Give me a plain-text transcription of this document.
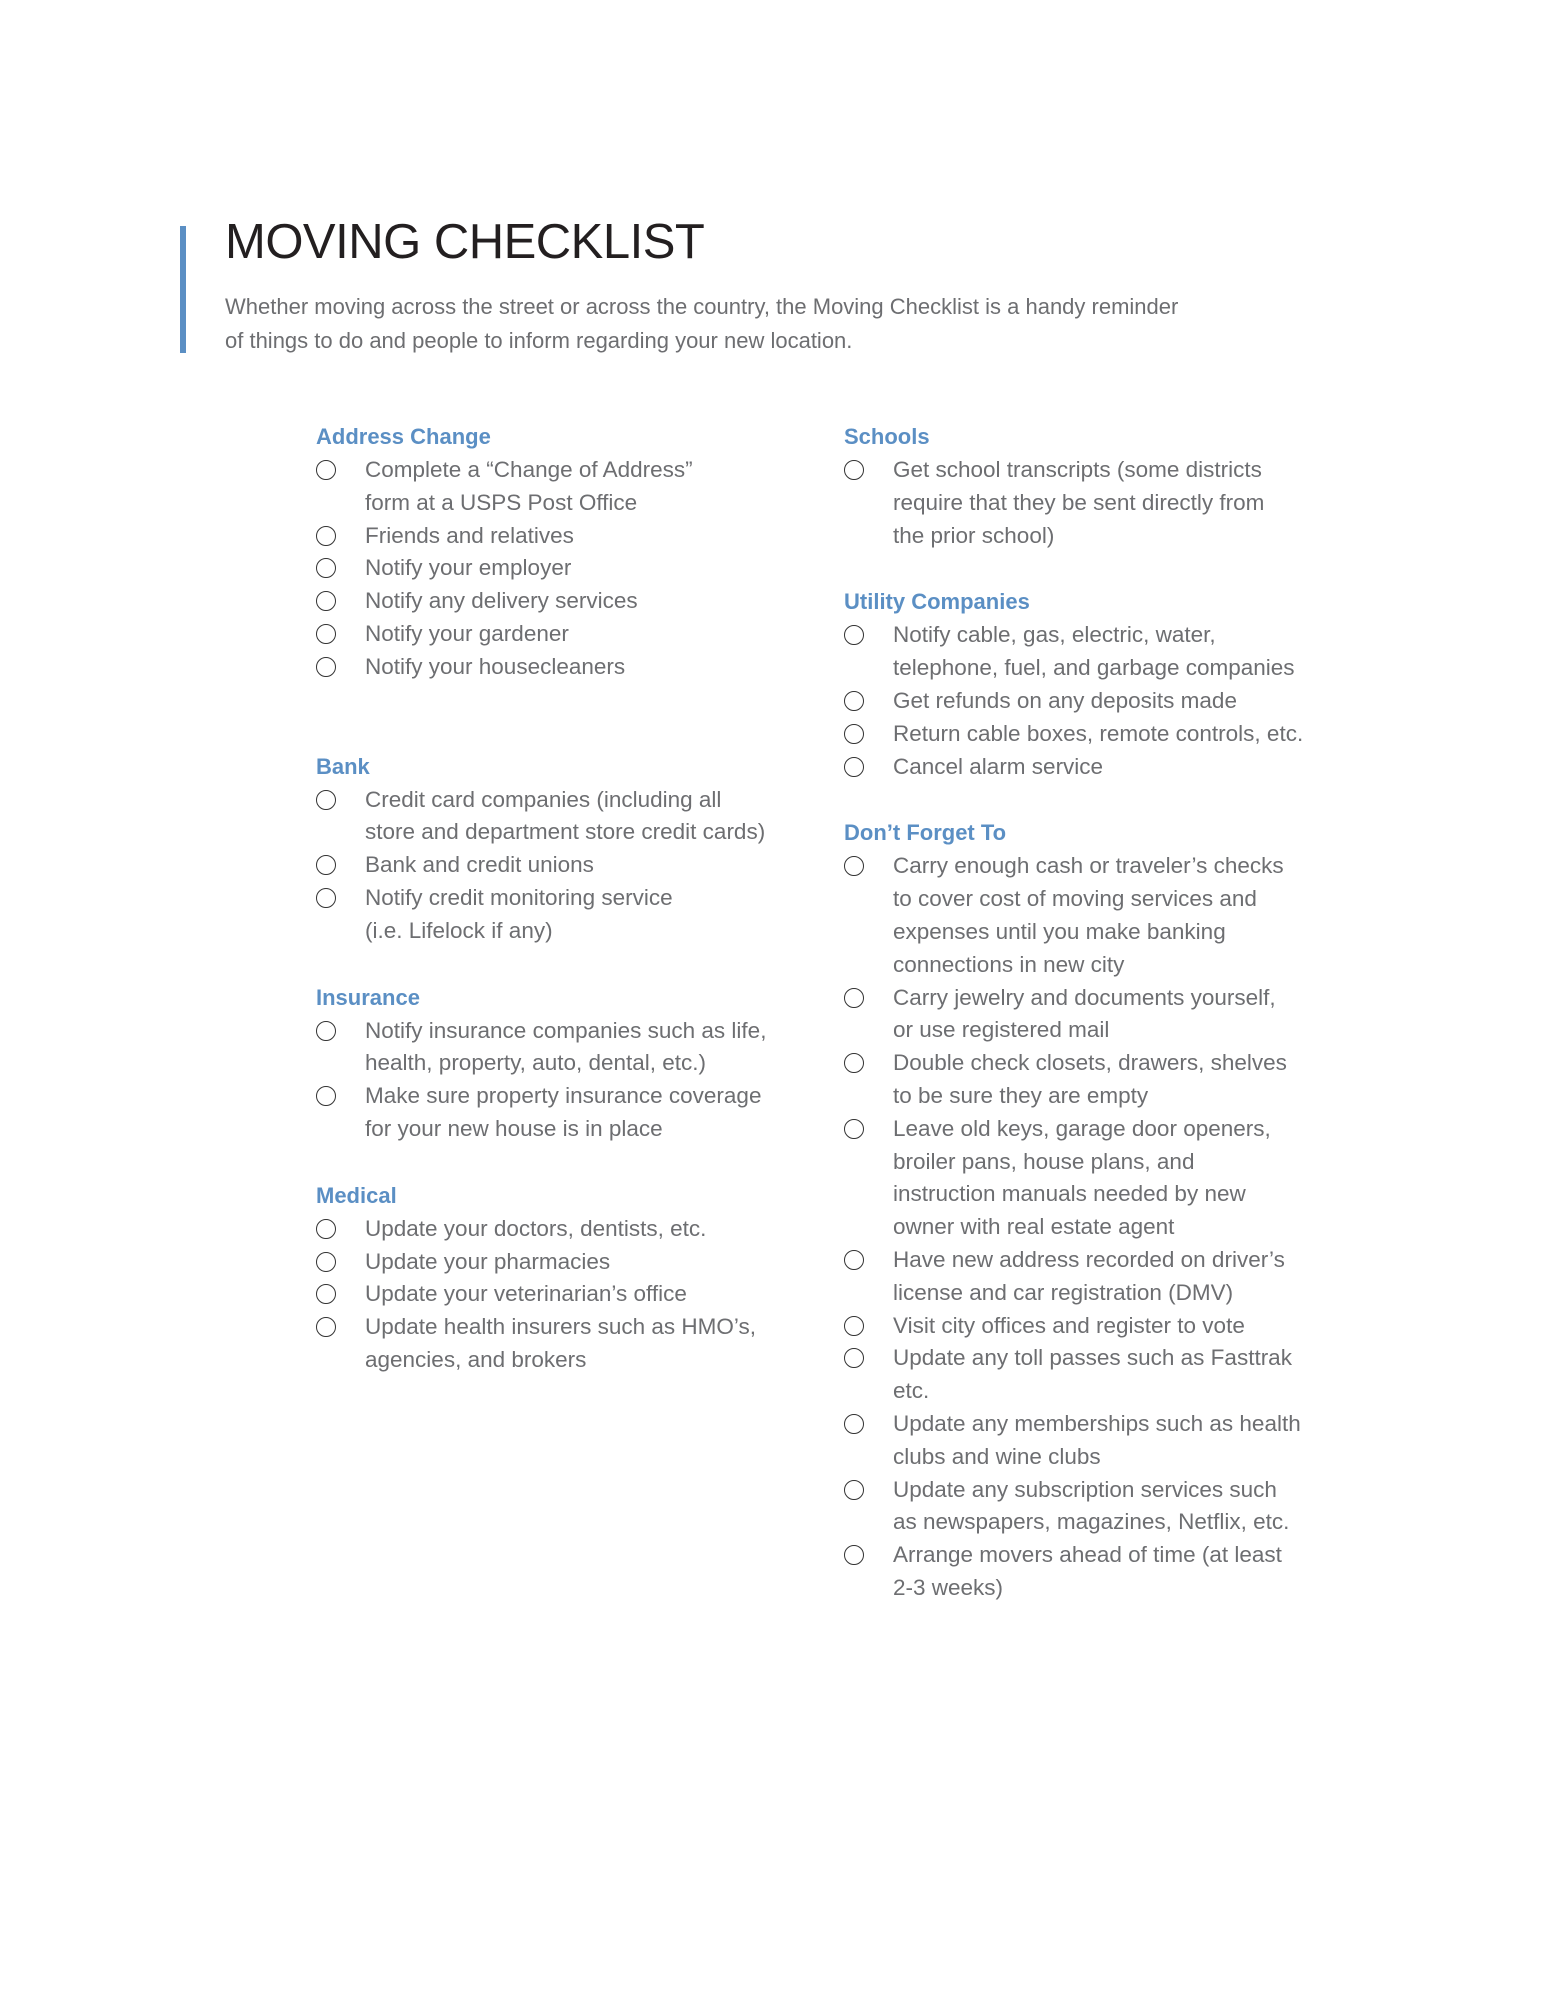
MOVING CHECKLIST

Whether moving across the street or across the country, the Moving Checklist is a handy reminder
of things to do and people to inform regarding your new location.

Address Change
Complete a “Change of Address”
form at a USPS Post Office
Friends and relatives
Notify your employer
Notify any delivery services
Notify your gardener
Notify your housecleaners
Bank
Credit card companies (including all
store and department store credit cards)
Bank and credit unions
Notify credit monitoring service
(i.e. Lifelock if any)
Insurance
Notify insurance companies such as life,
health, property, auto, dental, etc.)
Make sure property insurance coverage
for your new house is in place
Medical
Update your doctors, dentists, etc.
Update your pharmacies
Update your veterinarian’s office
Update health insurers such as HMO’s,
agencies, and brokers
Schools
Get school transcripts (some districts
require that they be sent directly from
the prior school)
Utility Companies
Notify cable, gas, electric, water,
telephone, fuel, and garbage companies
Get refunds on any deposits made
Return cable boxes, remote controls, etc.
Cancel alarm service
Don’t Forget To
Carry enough cash or traveler’s checks
to cover cost of moving services and
expenses until you make banking
connections in new city
Carry jewelry and documents yourself,
or use registered mail
Double check closets, drawers, shelves
to be sure they are empty
Leave old keys, garage door openers,
broiler pans, house plans, and
instruction manuals needed by new
owner with real estate agent
Have new address recorded on driver’s
license and car registration (DMV)
Visit city offices and register to vote
Update any toll passes such as Fasttrak
etc.
Update any memberships such as health
clubs and wine clubs
Update any subscription services such
as newspapers, magazines, Netflix, etc.
Arrange movers ahead of time (at least
2-3 weeks)
